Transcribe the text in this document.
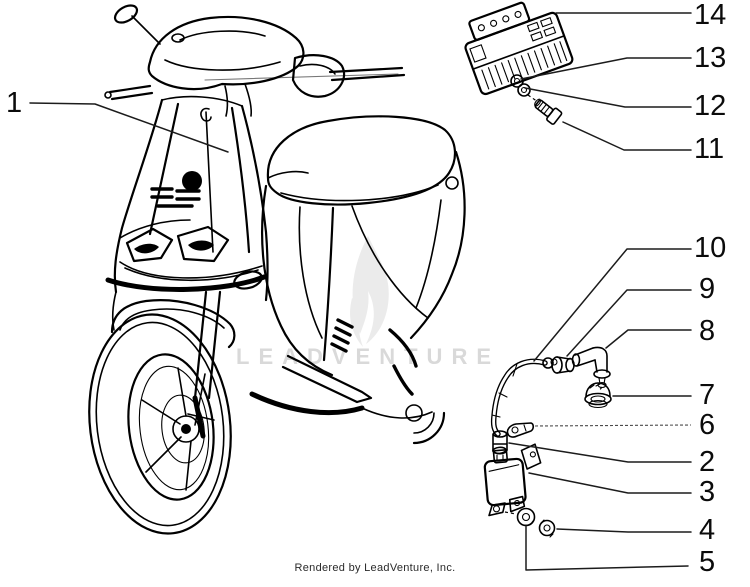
LEADVENTURE
1
14
13
12
11
10
9
8
7
6
2
3
4
5
Rendered by LeadVenture, Inc.
